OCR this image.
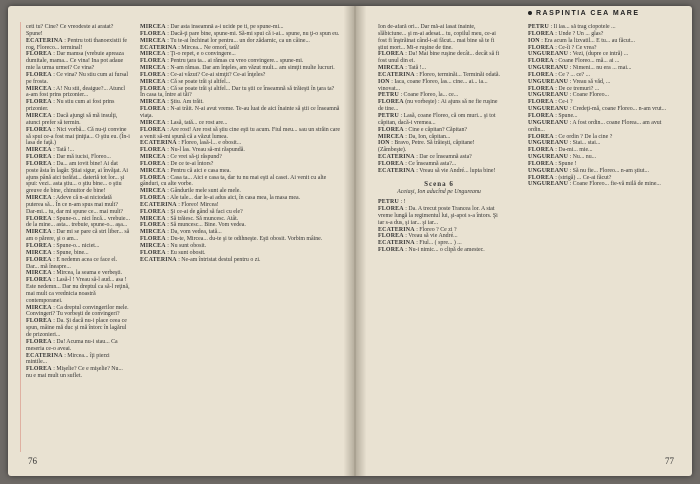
RASPINTIA CEA MARE

ceti tu? Cine? Ce vreodeste ai aratat?

Spune!

ECATERINA : Pentru toti thanoexistii fe rog, Floreco... terminal!

FLOREA : Dar mamsa (vrebuie apreaza dumitale, mama... Ce vina! Ina pot adaue mie la urma urmei? Ce vina?

FLOREA : Ce vina? Nu stiu cum ai fursal pe frosta.

MIRCEA : A! Nu stii, deaigue?... Atuncl a-am fost prins prizonier...

FLOREA : Nu stiu cum ai fost prins prizonier.

MIRCEA : Dacă ajungi să mă insulţi, atunci prefer să termin.

FLOREA : Nici vorbă... Că nu-ţi convine să spui ce-a fost mai ţiniţia... O ştiu eu. (În-i lasa de faţă.)

MIRCEA : Tată !...

FLOREA : Dar mă iucisi, Floreo...

FLOREA : Da... am iovit bine! Ai dat poste ăsta în lagăr. Ştiai sigur, ai învăţat. Ai ajuns până aici tsrăfat... dateriă tot lor... şi spui: vezi.. asta ştiu... o ştiu bine... o ştiu greuve de bine, chinuitor de bine!

MIRCEA : Adeve că n-ai niciodată puterea să... În ce n-am spus mai mult? Dar-mi... tu, dar mi spune ce... mai mult?

FLOREA : Spune-o... nici încă... vrebuie... de la mine... asta... trebuie, spune-o... aşa...

MIRCEA : Dar mi se pare că stri liber... să am o părere, şi o am...

FLOREA : Spune-o... niciet...

MIRCEA : Spune, bine...

FLOREA : E nedemn acea ce face el. Dar... mă îneapre...

MIRCEA : Mircea, la seama e verbeşti.

FLOREA : Lasă-l ! Vreau să-l aud... asa ! Este nedemn... Dar nu dreptul ca să-l reţină, mai mult ca vrednicia noastră contemporanei.

MIRCEA : Ca dreptul convingerilor mele. Convingeri? Tu vorbeşti de convingeri?

FLOREA : Da. Şi dacă nu-i place ceea ce spun, mâine mă duc şi mă întorc în lagărul de prizonieri...

FLOREA : Da! Acuma nu-i stau... Ca meseria ce-o aveai.

ECATERINA : Mircea... îţi pierzi mintile...

FLOREA : Mişelie? Ce e mişelie? Nu... nu e mai mult un suflet.

MIRCEA : Dar asta înseamnă a-i ucide pe ti, pe spune-mi...

FLOREA : Dacă-ţi pare bine, spune-mi. Să-mi spui că i-ai... spune, nu ţi-o spun eu.

MIRCEA : Tu te-ai închinat lor pentru... un dor zădarnic, ca un câine...

ECATERINA : Mircea... Ne omorî, tată!

MIRCEA : Ţi-o repet, e o convingere...

FLOREA : Pentru ţara ta... ai rămas cu vreo convingere... spune-mi.

MIRCEA : N-am rămas. Dar am înţeles, am văzut mult... am simţit multe lucruri.

FLOREA : Ce-ai văzut? Ce-ai simţit? Ce-ai înţeles?

MIRCEA : Că se poate trăi şi altfel...

FLOREA : Că se poate trăi şi altfel... Dar tu ştii ce înseamnă să trăieşti în ţara ta? În casa ta, între ai tăi?

MIRCEA : Ştiu. Am trăit.

FLOREA : N-ai trăit. N-ai avut vreme. Te-au luat de aici înainte să ştii ce înseamnă viaţa.

MIRCEA : Lasă, tată... ce rost are...

FLOREA : Are rost! Are rost să ştiu cine eşti tu acum. Fiul meu... sau un străin care a venit să-mi spună că a văzut lumea.

ECATERINA : Floreo, lasă-l... e obosit...

FLOREA : Nu-l las. Vreau să-mi răspundă.

MIRCEA : Ce vrei să-ţi răspund?

FLOREA : De ce te-ai întors?

MIRCEA : Pentru că aici e casa mea.

FLOREA : Casa ta... Aici e casa ta, dar tu nu mai eşti al casei. Ai venit cu alte gânduri, cu alte vorbe.

MIRCEA : Gândurile mele sunt ale mele.

FLOREA : Ale tale... dar le-ai adus aici, în casa mea, la masa mea.

ECATERINA : Floreo! Mircea!

FLOREA : Şi ce-ai de gând să faci cu ele?

MIRCEA : Să trăiesc. Să muncesc. Atât.

FLOREA : Să muncesc... Bine. Vom vedea.

MIRCEA : Da, vom vedea, tată...

FLOREA : Du-te, Mircea... du-te şi te odihneşte. Eşti obosit. Vorbim mâine.

MIRCEA : Nu sunt obosit.

FLOREA : Eu sunt obosit.

ECATERINA : Ne-am întristat destul pentru o zi.

Ion de-afară ori... Dar mă-ai lasat înainte, slăbiciune... şi m-ai adesat... tu, copilul meu, ce-ai fost fi înştrăinat când-i-ai făcut... mai bine să te fi ştiut mort... Mi-e ruşine de tine.

FLOREA : Da! Mai bine ruşine decât... decât să fi fost unul din ei.

MIRCEA : Tată !...

ECATERINA : Floreo, terminăi... Terminăi odată.

ION : Iaca, coane Floreo, las... cine... ai... ia... vinovat...

PETRU : Coane Floreo, la... ce...

FLOREA (nu vorbeşte) : Ai ajuns să ne fie ruşine de tine...

PETRU : Lasă, coane Floreo, că om muri... şi tot căpitan, dacă-i vremea...

FLOREA : Cine e căpitan? Căpitan?

MIRCEA : Da, Ion, căpitan...

ION : Bravo, Petre. Să trăieşti, căpitane! (Zâmbeşte).

ECATERINA : Dar ce înseamnă asta?

FLOREA : Ce înseamnă asta?...

ECATERINA : Vreau să vie André... lupta bine!

Scena 6
Aceiaşi, Ion aducînd pe Ungureanu

PETRU : !

FLOREA : Da. A trecut poste Trancea lor. A stat vreme lungă la regimentul lui, şi-apoi s-a întors. Şi iar s-a dus, şi iar... şi iar...

ECATERINA : Floreo ? Ce zi ?

FLOREA : Vreau să vie André...

ECATERINA : Fiul... ( spre... ) ...

FLOREA : Nu-i nimic... o clipă de amestec.

PETRU : Il las... să trag clopotele ...

FLOREA : Unde ? Un ... glas?

ION : Era acum la lizvatil... E tu... au făcut...

FLOREA : Ce-îi ? Ce vrea?

UNGUREANU : Vezi, (dupre ce intră) ...

FLOREA : Coane Floreo... mă... ai ...

UNGUREANU : Nimeni... nu era ... mai...

FLOREA : Ce ? ... ce? ...

UNGUREANU : Vreau să văd, ...

FLOREA : De ce tremuri? ...

UNGUREANU : Coane Floreo...

FLOREA : Ce-i ?

UNGUREANU : Credeţi-mă, coane Floreo... n-am vrut...

FLOREA : Spune...

UNGUREANU : A fost ordin... coane Florea... am avut ordin...

FLOREA : Ce ordin ? De la cine ?

UNGUREANU : Stai... stai...

FLOREA : Da-mi... mie...

UNGUREANU : Nu... nu...

FLOREA : Spune !

UNGUREANU : Să nu fie... Floreo... n-am ştiut...

FLOREA : (strigă) ... Ce-ai făcut?

UNGUREANU : Coane Floreo... fie-vă milă de mine...

76	77
